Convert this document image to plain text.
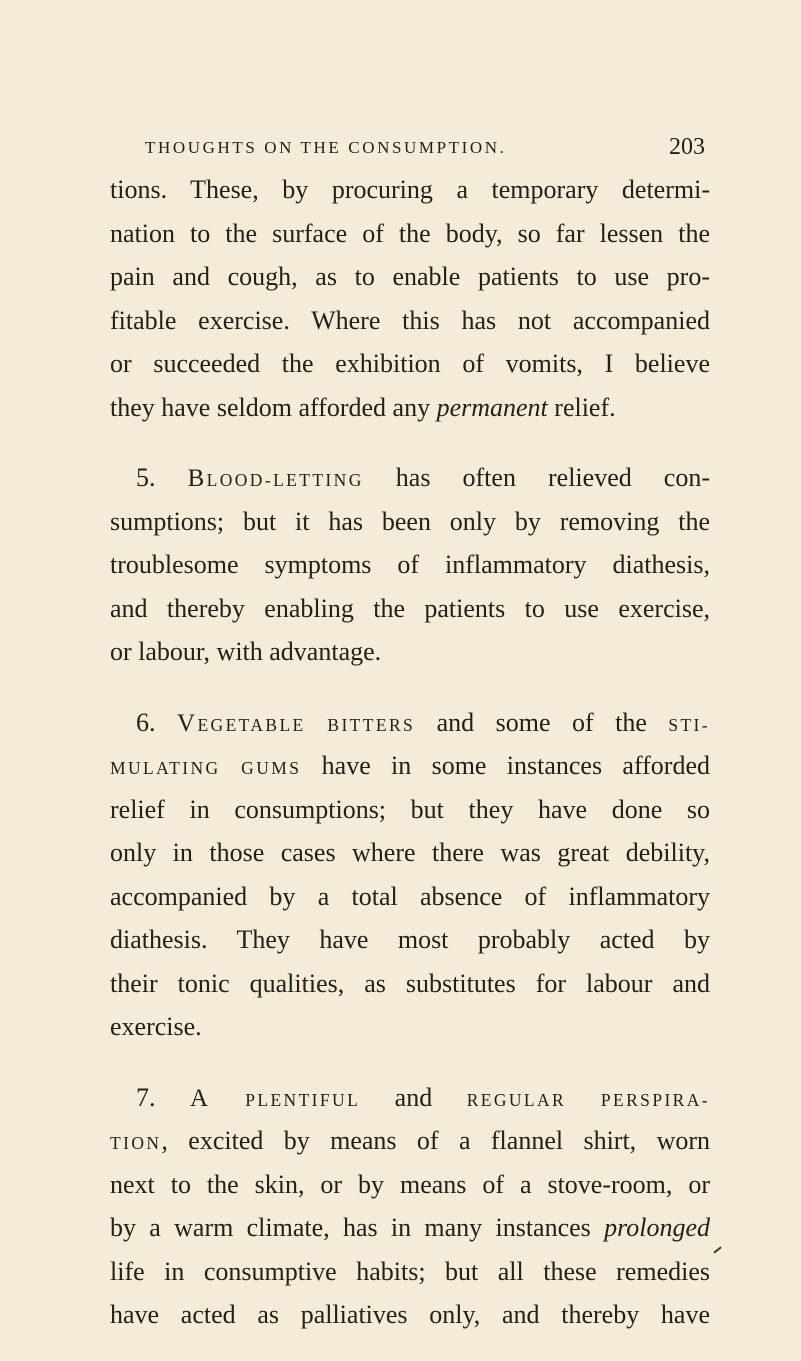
THOUGHTS ON THE CONSUMPTION.	203
tions. These, by procuring a temporary determi-
nation to the surface of the body, so far lessen the
pain and cough, as to enable patients to use pro-
fitable exercise. Where this has not accompanied
or succeeded the exhibition of vomits, I believe
they have seldom afforded any permanent relief.
 5. BLOOD-LETTING has often relieved con-
sumptions; but it has been only by removing the
troublesome symptoms of inflammatory diathesis,
and thereby enabling the patients to use exercise,
or labour, with advantage.
 6. VEGETABLE BITTERS and some of the STI-
MULATING GUMS have in some instances afforded
relief in consumptions; but they have done so
only in those cases where there was great debility,
accompanied by a total absence of inflammatory
diathesis. They have most probably acted by
their tonic qualities, as substitutes for labour and
exercise.
 7. A PLENTIFUL and REGULAR PERSPIRA-
TION, excited by means of a flannel shirt, worn
next to the skin, or by means of a stove-room, or
by a warm climate, has in many instances prolonged
life in consumptive habits; but all these remedies
have acted as palliatives only, and thereby have
